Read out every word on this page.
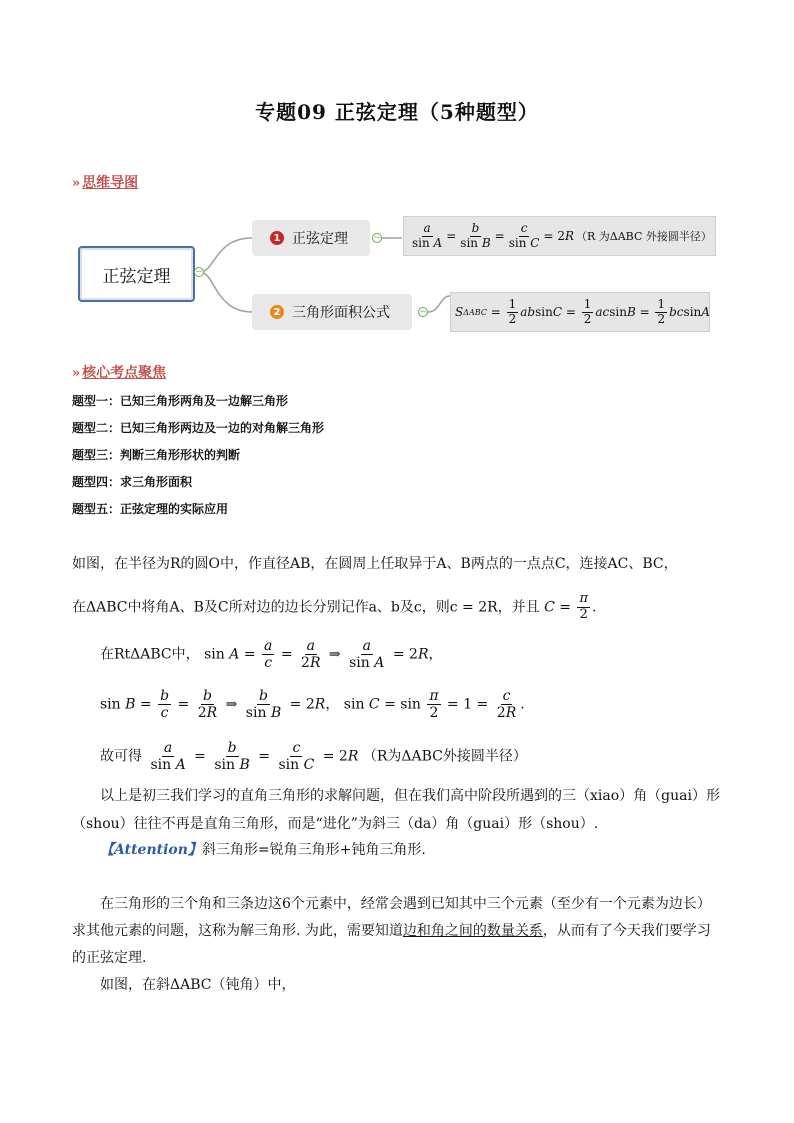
专题09 正弦定理（5种题型）
» 思维导图
正弦定理	−
1 正弦定理	−
2 三角形面积公式	−
$\frac{a}{\text{sin A}} = \frac{b}{\text{sin B}} = \frac{c}{\text{sin C}} = 2$ R （R 为ΔABC 外接圆半径）
S $\Delta ABC = \frac{1}{2}$ ab $\sin C = \frac{1}{2}$ ac $\sin B = \frac{1}{2}$ bc sin A
» 核心考点聚焦
题型一：已知三角形两角及一边解三角形
题型二：已知三角形两边及一边的对角解三角形
题型三：判断三角形形状的判断
题型四：求三角形面积
题型五：正弦定理的实际应用
如图，在半径为R的圆O中，作直径AB，在圆周上任取异于A、B两点的一点点C，连接AC、BC，
在ΔABC中将角A、B及C所对边的边长分别记作a、b及c，则c = 2R，并且 $C = \frac{\pi}{2}$ .
在RtΔABC中， $\sin A = \frac{a}{c} = \frac{a}{2R}$ ⇒ $\frac{a}{\text{sin A}} = 2R$，
$\sin B = \frac{b}{c} = \frac{b}{2R}$ ⇒ $\frac{b}{\text{sin B}} = 2R$， $\sin C = \sin \frac{\pi}{2} = 1 = \frac{c}{2R}$ .
故可得 $\frac{a}{\text{sin A}} = \frac{b}{\text{sin B}} = \frac{c}{\text{sin C}} = 2R$ （R为ΔABC外接圆半径）
以上是初三我们学习的直角三角形的求解问题，但在我们高中阶段所遇到的三（xiao）角（guai）形
（shou）往往不再是直角三角形，而是“进化”为斜三（da）角（guai）形（shou）.
【Attention】斜三角形=锐角三角形+钝角三角形.
在三角形的三个角和三条边这6个元素中，经常会遇到已知其中三个元素（至少有一个元素为边长）
求其他元素的问题，这称为解三角形. 为此，需要知道边和角之间的数量关系，从而有了今天我们要学习
的正弦定理.
如图，在斜ΔABC（钝角）中，
